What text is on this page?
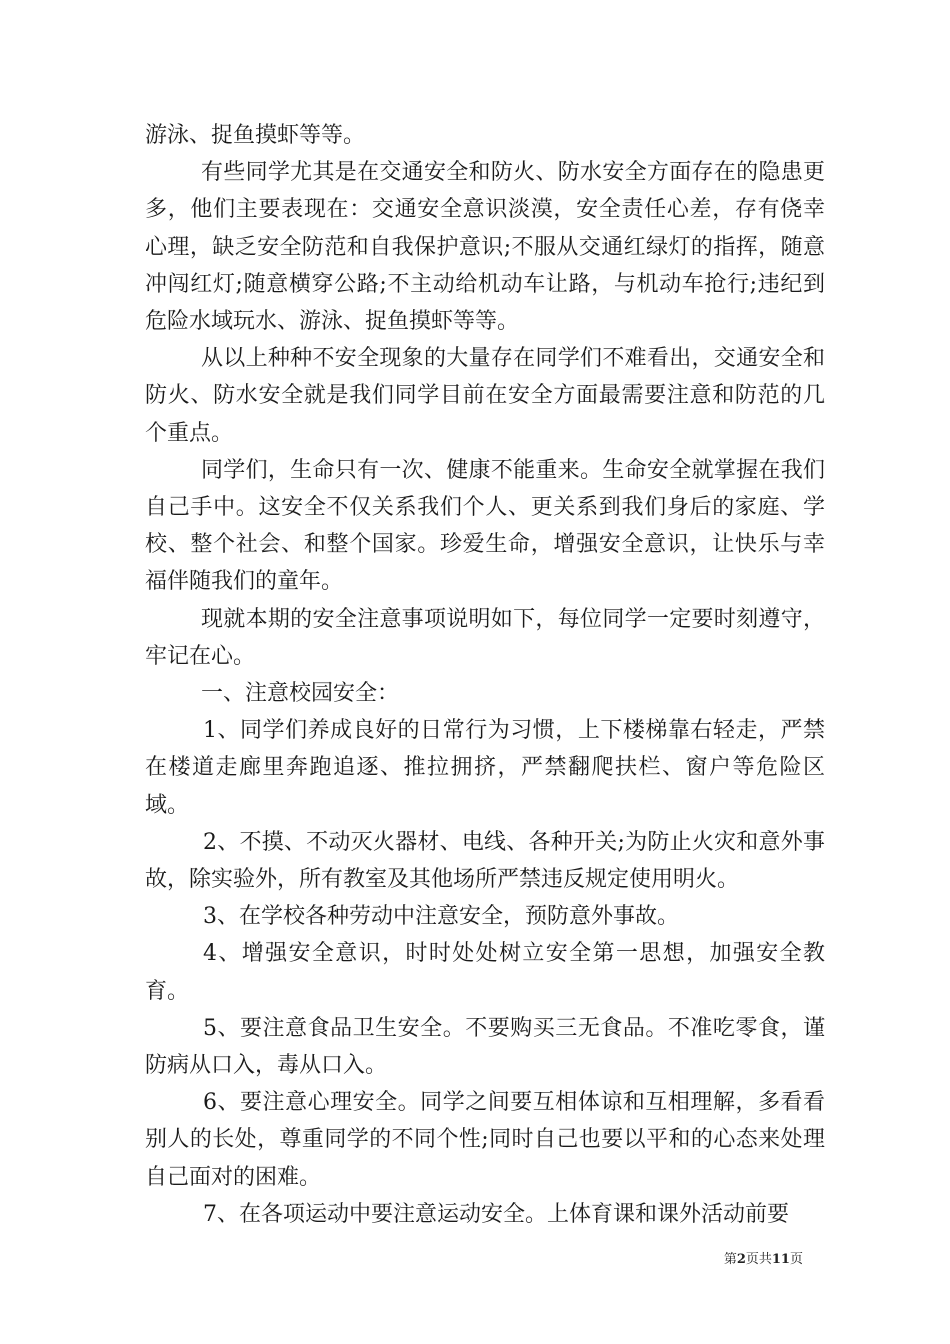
游泳、捉鱼摸虾等等。

有些同学尤其是在交通安全和防火、防水安全方面存在的隐患更多，他们主要表现在：交通安全意识淡漠，安全责任心差，存有侥幸心理，缺乏安全防范和自我保护意识;不服从交通红绿灯的指挥，随意冲闯红灯;随意横穿公路;不主动给机动车让路，与机动车抢行;违纪到危险水域玩水、游泳、捉鱼摸虾等等。

从以上种种不安全现象的大量存在同学们不难看出，交通安全和防火、防水安全就是我们同学目前在安全方面最需要注意和防范的几个重点。

同学们，生命只有一次、健康不能重来。生命安全就掌握在我们自己手中。这安全不仅关系我们个人、更关系到我们身后的家庭、学校、整个社会、和整个国家。珍爱生命，增强安全意识，让快乐与幸福伴随我们的童年。

现就本期的安全注意事项说明如下，每位同学一定要时刻遵守，牢记在心。

一、注意校园安全：

1、同学们养成良好的日常行为习惯，上下楼梯靠右轻走，严禁在楼道走廊里奔跑追逐、推拉拥挤，严禁翻爬扶栏、窗户等危险区域。

2、不摸、不动灭火器材、电线、各种开关;为防止火灾和意外事故，除实验外，所有教室及其他场所严禁违反规定使用明火。

3、在学校各种劳动中注意安全，预防意外事故。

4、增强安全意识，时时处处树立安全第一思想，加强安全教育。

5、要注意食品卫生安全。不要购买三无食品。不准吃零食，谨防病从口入，毒从口入。

6、要注意心理安全。同学之间要互相体谅和互相理解，多看看别人的长处，尊重同学的不同个性;同时自己也要以平和的心态来处理自己面对的困难。

7、在各项运动中要注意运动安全。上体育课和课外活动前要

第2页共11页
